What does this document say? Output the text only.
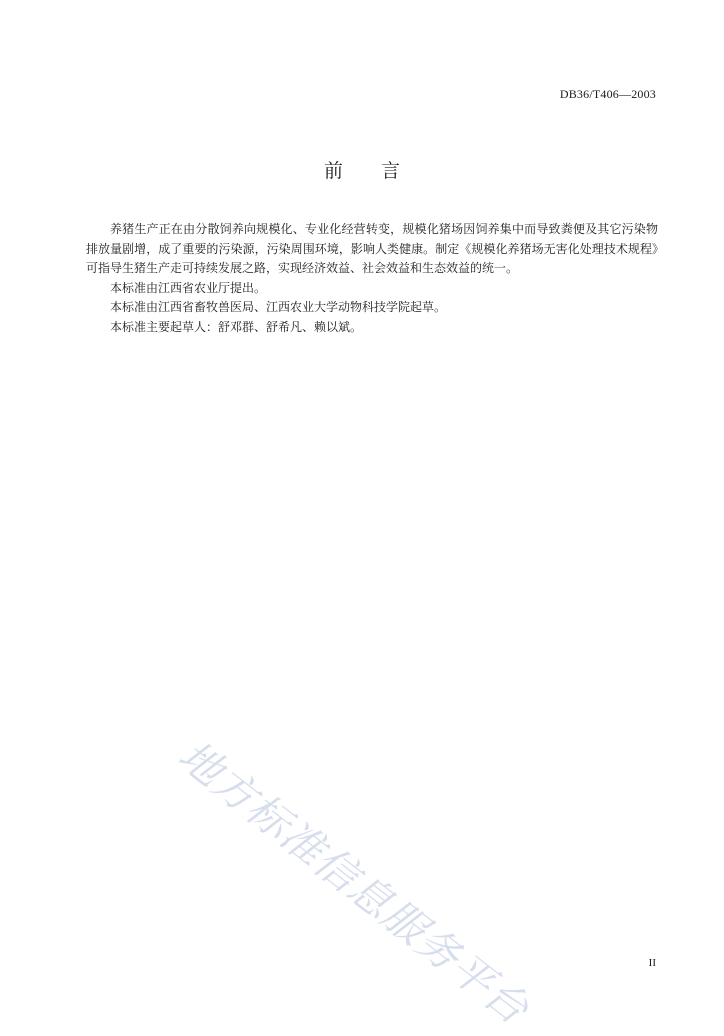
DB36/T406—2003
前言

养猪生产正在由分散饲养向规模化、专业化经营转变，规模化猪场因饲养集中而导致粪便及其它污染物排放量剧增，成了重要的污染源，污染周围环境，影响人类健康。制定《规模化养猪场无害化处理技术规程》可指导生猪生产走可持续发展之路，实现经济效益、社会效益和生态效益的统一。

本标准由江西省农业厅提出。

本标准由江西省畜牧兽医局、江西农业大学动物科技学院起草。

本标准主要起草人：舒邓群、舒希凡、赖以斌。

地方标准信息服务平台	II
